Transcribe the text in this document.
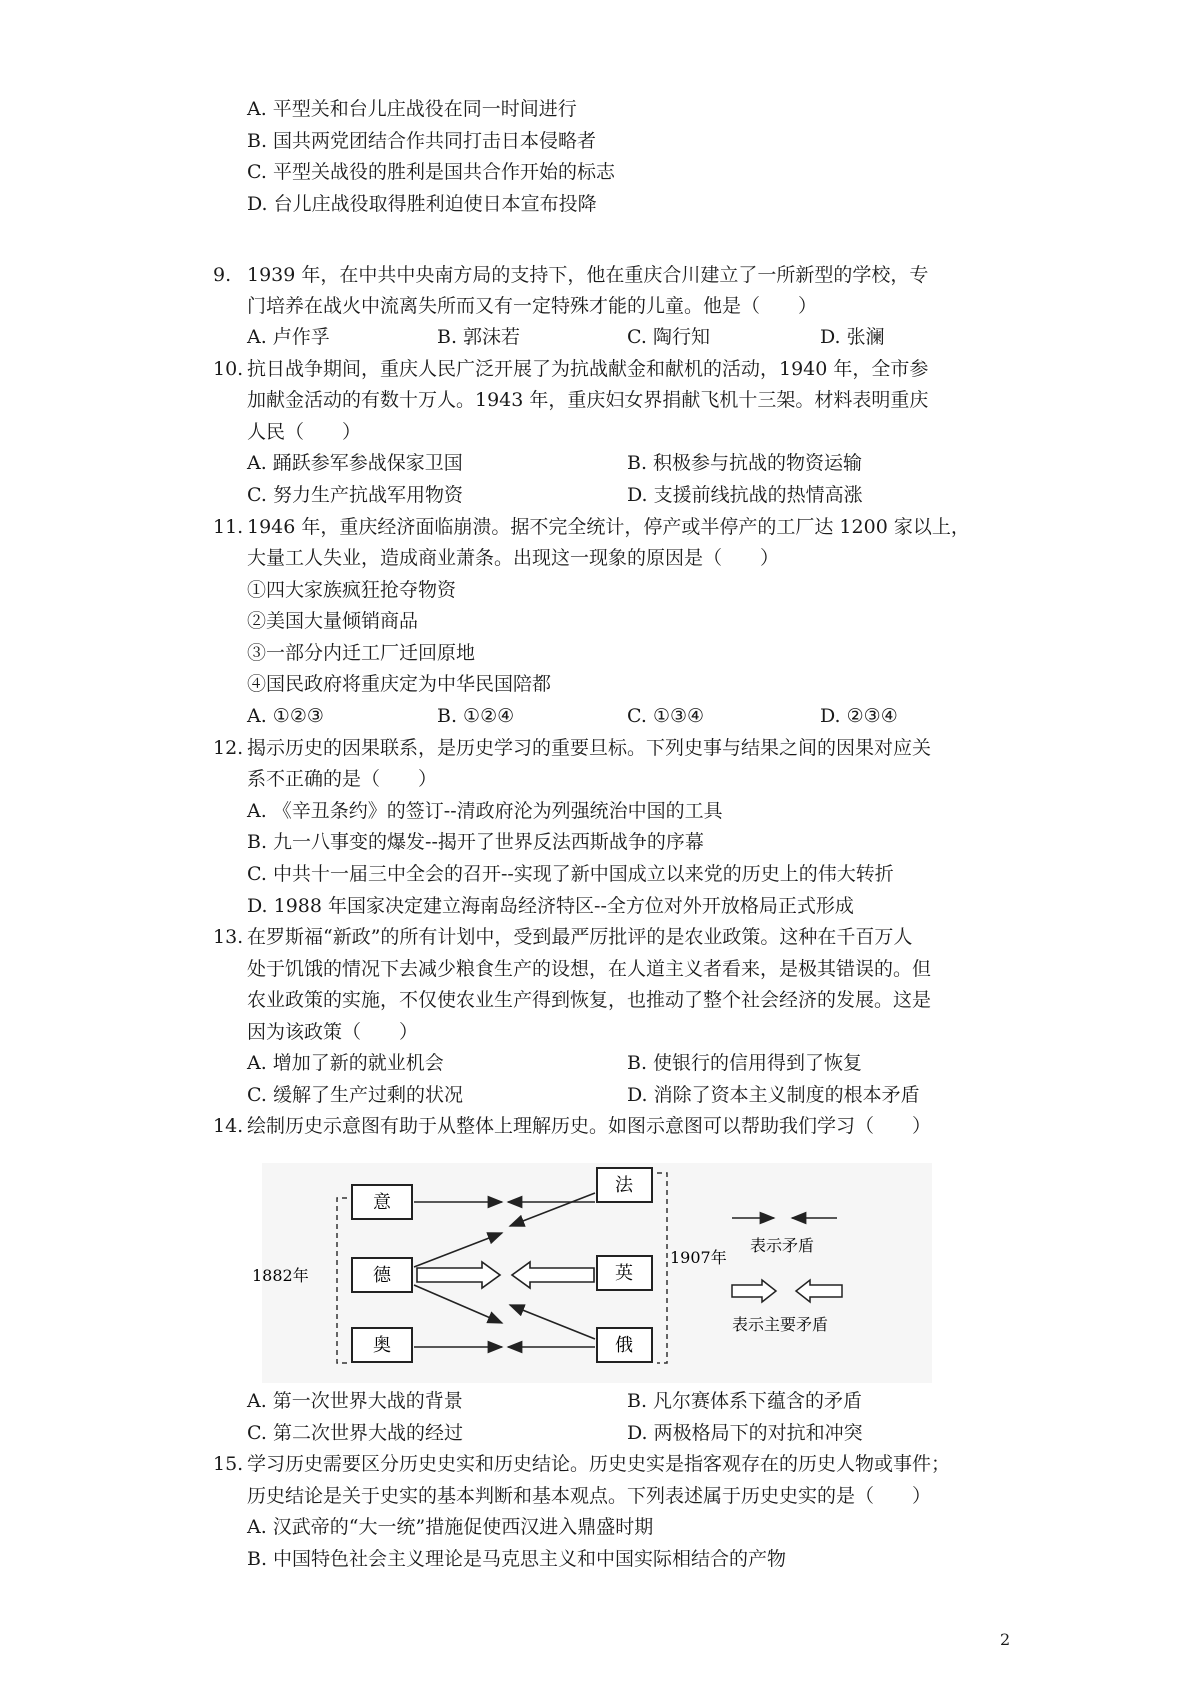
A. 平型关和台儿庄战役在同一时间进行
B. 国共两党团结合作共同打击日本侵略者
C. 平型关战役的胜利是国共合作开始的标志
D. 台儿庄战役取得胜利迫使日本宣布投降
9. 1939 年，在中共中央南方局的支持下，他在重庆合川建立了一所新型的学校，专
门培养在战火中流离失所而又有一定特殊才能的儿童。他是（　　）
A. 卢作孚	B. 郭沫若	C. 陶行知	D. 张澜
10. 抗日战争期间，重庆人民广泛开展了为抗战献金和献机的活动，1940 年，全市参
加献金活动的有数十万人。1943 年，重庆妇女界捐献飞机十三架。材料表明重庆
人民（　　）
A. 踊跃参军参战保家卫国	B. 积极参与抗战的物资运输
C. 努力生产抗战军用物资	D. 支援前线抗战的热情高涨
11. 1946 年，重庆经济面临崩溃。据不完全统计，停产或半停产的工厂达 1200 家以上，
大量工人失业，造成商业萧条。出现这一现象的原因是（　　）
①四大家族疯狂抢夺物资
②美国大量倾销商品
③一部分内迁工厂迁回原地
④国民政府将重庆定为中华民国陪都
A. ①②③	B. ①②④	C. ①③④	D. ②③④
12. 揭示历史的因果联系，是历史学习的重要旦标。下列史事与结果之间的因果对应关
系不正确的是（　　）
A. 《辛丑条约》的签订--清政府沦为列强统治中国的工具
B. 九一八事变的爆发--揭开了世界反法西斯战争的序幕
C. 中共十一届三中全会的召开--实现了新中国成立以来党的历史上的伟大转折
D. 1988 年国家决定建立海南岛经济特区--全方位对外开放格局正式形成
13. 在罗斯福“新政”的所有计划中，受到最严厉批评的是农业政策。这种在千百万人
处于饥饿的情况下去减少粮食生产的设想，在人道主义者看来，是极其错误的。但
农业政策的实施，不仅使农业生产得到恢复，也推动了整个社会经济的发展。这是
因为该政策（　　）
A. 增加了新的就业机会	B. 使银行的信用得到了恢复
C. 缓解了生产过剩的状况	D. 消除了资本主义制度的根本矛盾
14. 绘制历史示意图有助于从整体上理解历史。如图示意图可以帮助我们学习（　　）
意
德
奥
法
英
俄
1882年
1907年
表示矛盾
表示主要矛盾
A. 第一次世界大战的背景	B. 凡尔赛体系下蕴含的矛盾
C. 第二次世界大战的经过	D. 两极格局下的对抗和冲突
15. 学习历史需要区分历史史实和历史结论。历史史实是指客观存在的历史人物或事件；
历史结论是关于史实的基本判断和基本观点。下列表述属于历史史实的是（　　）
A. 汉武帝的“大一统”措施促使西汉进入鼎盛时期
B. 中国特色社会主义理论是马克思主义和中国实际相结合的产物
2
